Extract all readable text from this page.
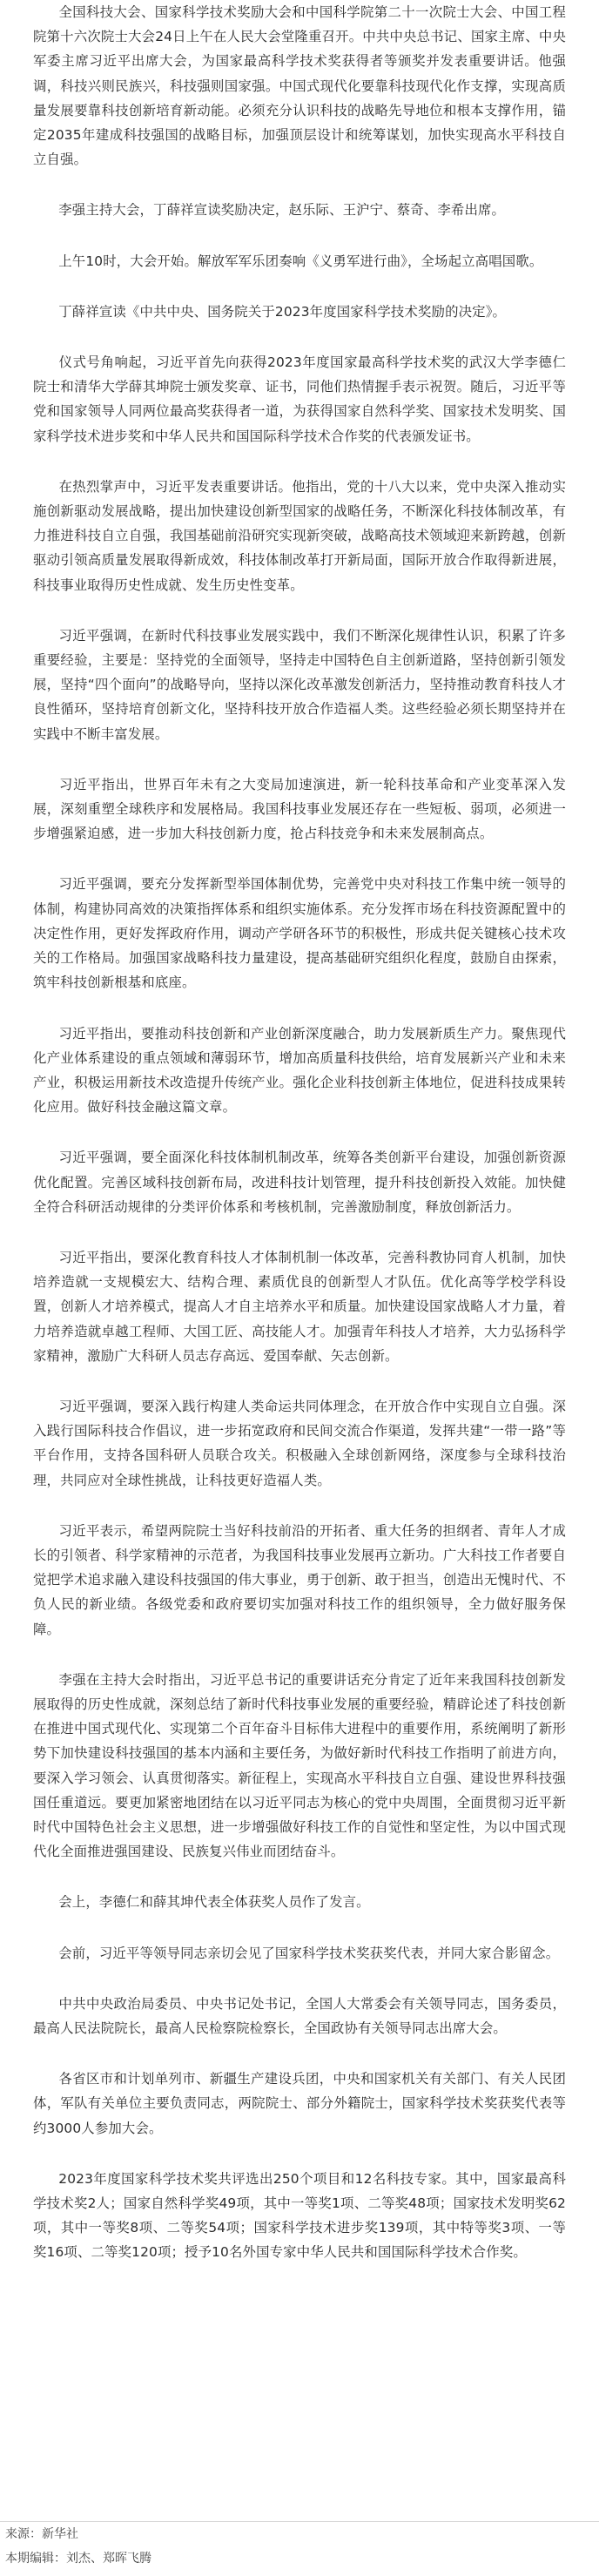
全国科技大会、国家科学技术奖励大会和中国科学院第二十一次院士大会、中国工程院第十六次院士大会24日上午在人民大会堂隆重召开。中共中央总书记、国家主席、中央军委主席习近平出席大会，为国家最高科学技术奖获得者等颁奖并发表重要讲话。他强调，科技兴则民族兴，科技强则国家强。中国式现代化要靠科技现代化作支撑，实现高质量发展要靠科技创新培育新动能。必须充分认识科技的战略先导地位和根本支撑作用，锚定2035年建成科技强国的战略目标，加强顶层设计和统筹谋划，加快实现高水平科技自立自强。

李强主持大会，丁薛祥宣读奖励决定，赵乐际、王沪宁、蔡奇、李希出席。

上午10时，大会开始。解放军军乐团奏响《义勇军进行曲》，全场起立高唱国歌。

丁薛祥宣读《中共中央、国务院关于2023年度国家科学技术奖励的决定》。

仪式号角响起，习近平首先向获得2023年度国家最高科学技术奖的武汉大学李德仁院士和清华大学薛其坤院士颁发奖章、证书，同他们热情握手表示祝贺。随后，习近平等党和国家领导人同两位最高奖获得者一道，为获得国家自然科学奖、国家技术发明奖、国家科学技术进步奖和中华人民共和国国际科学技术合作奖的代表颁发证书。

在热烈掌声中，习近平发表重要讲话。他指出，党的十八大以来，党中央深入推动实施创新驱动发展战略，提出加快建设创新型国家的战略任务，不断深化科技体制改革，有力推进科技自立自强，我国基础前沿研究实现新突破，战略高技术领域迎来新跨越，创新驱动引领高质量发展取得新成效，科技体制改革打开新局面，国际开放合作取得新进展，科技事业取得历史性成就、发生历史性变革。

习近平强调，在新时代科技事业发展实践中，我们不断深化规律性认识，积累了许多重要经验，主要是：坚持党的全面领导，坚持走中国特色自主创新道路，坚持创新引领发展，坚持“四个面向”的战略导向，坚持以深化改革激发创新活力，坚持推动教育科技人才良性循环，坚持培育创新文化，坚持科技开放合作造福人类。这些经验必须长期坚持并在实践中不断丰富发展。

习近平指出，世界百年未有之大变局加速演进，新一轮科技革命和产业变革深入发展，深刻重塑全球秩序和发展格局。我国科技事业发展还存在一些短板、弱项，必须进一步增强紧迫感，进一步加大科技创新力度，抢占科技竞争和未来发展制高点。

习近平强调，要充分发挥新型举国体制优势，完善党中央对科技工作集中统一领导的体制，构建协同高效的决策指挥体系和组织实施体系。充分发挥市场在科技资源配置中的决定性作用，更好发挥政府作用，调动产学研各环节的积极性，形成共促关键核心技术攻关的工作格局。加强国家战略科技力量建设，提高基础研究组织化程度，鼓励自由探索，筑牢科技创新根基和底座。

习近平指出，要推动科技创新和产业创新深度融合，助力发展新质生产力。聚焦现代化产业体系建设的重点领域和薄弱环节，增加高质量科技供给，培育发展新兴产业和未来产业，积极运用新技术改造提升传统产业。强化企业科技创新主体地位，促进科技成果转化应用。做好科技金融这篇文章。

习近平强调，要全面深化科技体制机制改革，统筹各类创新平台建设，加强创新资源优化配置。完善区域科技创新布局，改进科技计划管理，提升科技创新投入效能。加快健全符合科研活动规律的分类评价体系和考核机制，完善激励制度，释放创新活力。

习近平指出，要深化教育科技人才体制机制一体改革，完善科教协同育人机制，加快培养造就一支规模宏大、结构合理、素质优良的创新型人才队伍。优化高等学校学科设置，创新人才培养模式，提高人才自主培养水平和质量。加快建设国家战略人才力量，着力培养造就卓越工程师、大国工匠、高技能人才。加强青年科技人才培养，大力弘扬科学家精神，激励广大科研人员志存高远、爱国奉献、矢志创新。

习近平强调，要深入践行构建人类命运共同体理念，在开放合作中实现自立自强。深入践行国际科技合作倡议，进一步拓宽政府和民间交流合作渠道，发挥共建“一带一路”等平台作用，支持各国科研人员联合攻关。积极融入全球创新网络，深度参与全球科技治理，共同应对全球性挑战，让科技更好造福人类。

习近平表示，希望两院院士当好科技前沿的开拓者、重大任务的担纲者、青年人才成长的引领者、科学家精神的示范者，为我国科技事业发展再立新功。广大科技工作者要自觉把学术追求融入建设科技强国的伟大事业，勇于创新、敢于担当，创造出无愧时代、不负人民的新业绩。各级党委和政府要切实加强对科技工作的组织领导，全力做好服务保障。

李强在主持大会时指出，习近平总书记的重要讲话充分肯定了近年来我国科技创新发展取得的历史性成就，深刻总结了新时代科技事业发展的重要经验，精辟论述了科技创新在推进中国式现代化、实现第二个百年奋斗目标伟大进程中的重要作用，系统阐明了新形势下加快建设科技强国的基本内涵和主要任务，为做好新时代科技工作指明了前进方向，要深入学习领会、认真贯彻落实。新征程上，实现高水平科技自立自强、建设世界科技强国任重道远。要更加紧密地团结在以习近平同志为核心的党中央周围，全面贯彻习近平新时代中国特色社会主义思想，进一步增强做好科技工作的自觉性和坚定性，为以中国式现代化全面推进强国建设、民族复兴伟业而团结奋斗。

会上，李德仁和薛其坤代表全体获奖人员作了发言。

会前，习近平等领导同志亲切会见了国家科学技术奖获奖代表，并同大家合影留念。

中共中央政治局委员、中央书记处书记，全国人大常委会有关领导同志，国务委员，最高人民法院院长，最高人民检察院检察长，全国政协有关领导同志出席大会。

各省区市和计划单列市、新疆生产建设兵团，中央和国家机关有关部门、有关人民团体，军队有关单位主要负责同志，两院院士、部分外籍院士，国家科学技术奖获奖代表等约3000人参加大会。

2023年度国家科学技术奖共评选出250个项目和12名科技专家。其中，国家最高科学技术奖2人；国家自然科学奖49项，其中一等奖1项、二等奖48项；国家技术发明奖62项，其中一等奖8项、二等奖54项；国家科学技术进步奖139项，其中特等奖3项、一等奖16项、二等奖120项；授予10名外国专家中华人民共和国国际科学技术合作奖。

来源：新华社
本期编辑：刘杰、郑晖飞腾
